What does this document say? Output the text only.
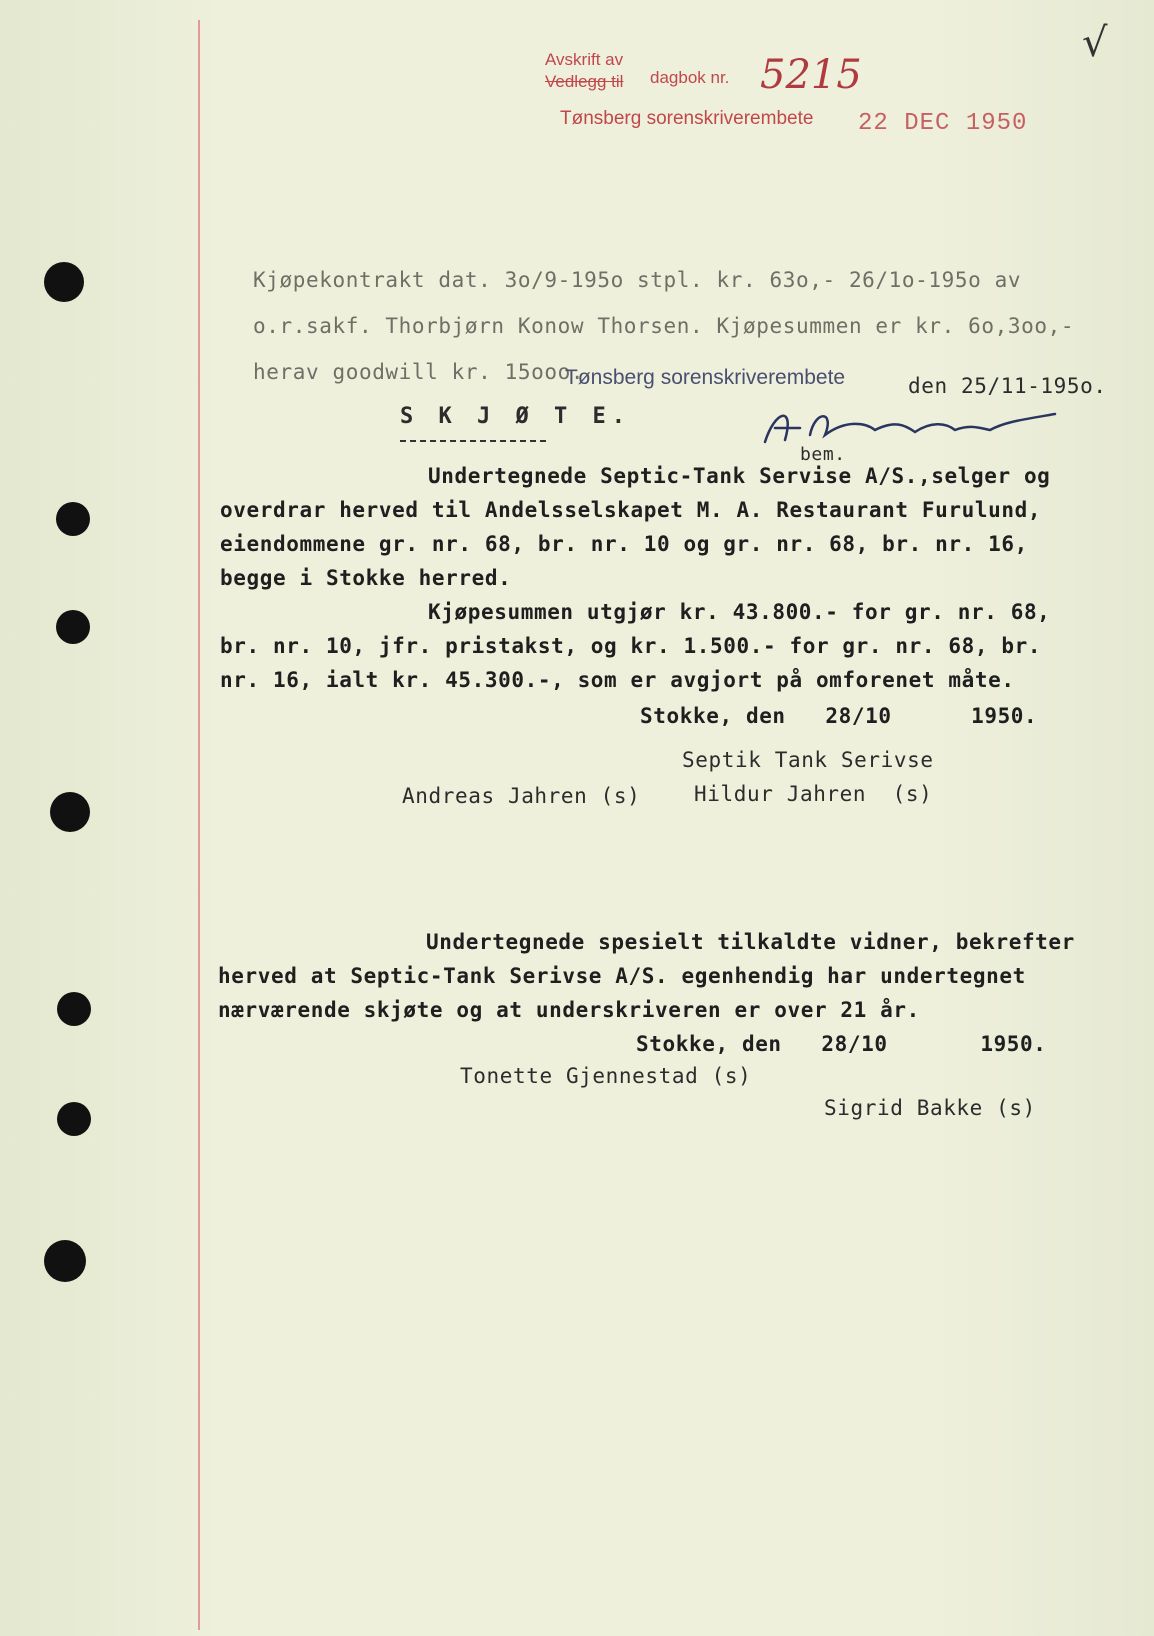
Avskrift av
Vedlegg til dagbok nr. 5215
Tønsberg sorenskriverembete 22 DEC 1950
√
Kjøpekontrakt dat. 3o/9-195o stpl. kr. 63o,- 26/1o-195o av
o.r.sakf. Thorbjørn Konow Thorsen. Kjøpesummen er kr. 6o,3oo,-
herav goodwill kr. 15ooo.
Tønsberg sorenskriverembete	den 25/11-195o.
bem.
S K J Ø T E.
Undertegnede Septic-Tank Servise A/S.,selger og
overdrar herved til Andelsselskapet M. A. Restaurant Furulund,
eiendommene gr. nr. 68, br. nr. 10 og gr. nr. 68, br. nr. 16,
begge i Stokke herred.
Kjøpesummen utgjør kr. 43.800.- for gr. nr. 68,
br. nr. 10, jfr. pristakst, og kr. 1.500.- for gr. nr. 68, br.
nr. 16, ialt kr. 45.300.-, som er avgjort på omforenet måte.
Stokke, den   28/10      1950.
Septik Tank Serivse
Andreas Jahren (s)	Hildur Jahren  (s)
Undertegnede spesielt tilkaldte vidner, bekrefter
herved at Septic-Tank Serivse A/S. egenhendig har undertegnet
nærværende skjøte og at underskriveren er over 21 år.
Stokke, den   28/10       1950.
Tonette Gjennestad (s)
Sigrid Bakke (s)
